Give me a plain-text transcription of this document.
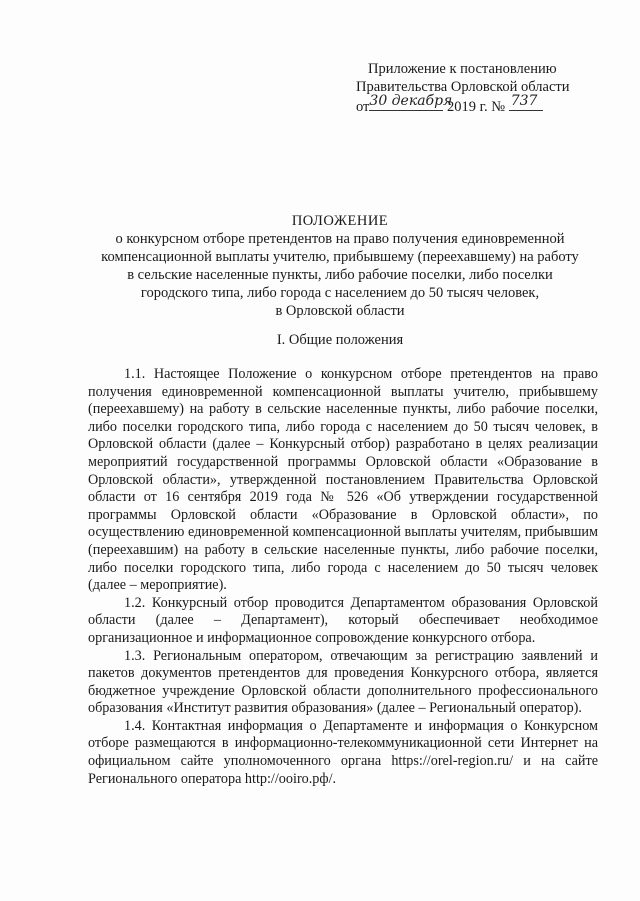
Приложение к постановлению
Правительства Орловской области
от 30 декабря
2019 г. № 737
ПОЛОЖЕНИЕ
о конкурсном отборе претендентов на право получения единовременной
компенсационной выплаты учителю, прибывшему (переехавшему) на работу
в сельские населенные пункты, либо рабочие поселки, либо поселки
городского типа, либо города с населением до 50 тысяч человек,
в Орловской области
I. Общие положения

1.1. Настоящее Положение о конкурсном отборе претендентов на право получения единовременной компенсационной выплаты учителю, прибывшему (переехавшему) на работу в сельские населенные пункты, либо рабочие поселки, либо поселки городского типа, либо города с населением до 50 тысяч человек, в Орловской области (далее – Конкурсный отбор) разработано в целях реализации мероприятий государственной программы Орловской области «Образование в Орловской области», утвержденной постановлением Правительства Орловской области от 16 сентября 2019 года № 526 «Об утверждении государственной программы Орловской области «Образование в Орловской области», по осуществлению единовременной компенсационной выплаты учителям, прибывшим (переехавшим) на работу в сельские населенные пункты, либо рабочие поселки, либо поселки городского типа, либо города с населением до 50 тысяч человек (далее – мероприятие).

1.2. Конкурсный отбор проводится Департаментом образования Орловской области (далее – Департамент), который обеспечивает необходимое организационное и информационное сопровождение конкурсного отбора.

1.3. Региональным оператором, отвечающим за регистрацию заявлений и пакетов документов претендентов для проведения Конкурсного отбора, является бюджетное учреждение Орловской области дополнительного профессионального образования «Институт развития образования» (далее – Региональный оператор).

1.4. Контактная информация о Департаменте и информация о Конкурсном отборе размещаются в информационно-телекоммуникационной сети Интернет на официальном сайте уполномоченного органа https://orel-region.ru/ и на сайте Регионального оператора http://ooiro.рф/.
